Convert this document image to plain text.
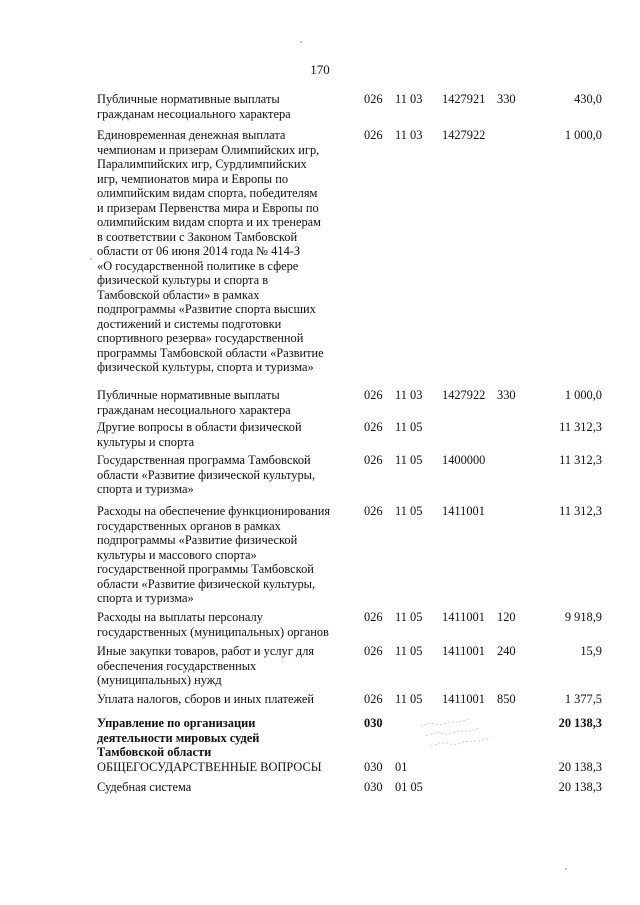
170
Публичные нормативные выплаты
гражданам несоциального характера
026 11 03 1427921 330	430,0
Единовременная денежная выплата
чемпионам и призерам Олимпийских игр,
Паралимпийских игр, Сурдлимпийских
игр, чемпионатов мира и Европы по
олимпийским видам спорта, победителям
и призерам Первенства мира и Европы по
олимпийским видам спорта и их тренерам
в соответствии с Законом Тамбовской
области от 06 июня 2014 года № 414-З
«О государственной политике в сфере
физической культуры и спорта в
Тамбовской области» в рамках
подпрограммы «Развитие спорта высших
достижений и системы подготовки
спортивного резерва» государственной
программы Тамбовской области «Развитие
физической культуры, спорта и туризма»
026 11 03 1427922	1 000,0
Публичные нормативные выплаты
гражданам несоциального характера
026 11 03 1427922 330	1 000,0
Другие вопросы в области физической
культуры и спорта
026 11 05	11 312,3
Государственная программа Тамбовской
области «Развитие физической культуры,
спорта и туризма»
026 11 05 1400000	11 312,3
Расходы на обеспечение функционирования
государственных органов в рамках
подпрограммы «Развитие физической
культуры и массового спорта»
государственной программы Тамбовской
области «Развитие физической культуры,
спорта и туризма»
026 11 05 1411001	11 312,3
Расходы на выплаты персоналу
государственных (муниципальных) органов
026 11 05 1411001 120	9 918,9
Иные закупки товаров, работ и услуг для
обеспечения государственных
(муниципальных) нужд
026 11 05 1411001 240	15,9
Уплата налогов, сборов и иных платежей	026 11 05 1411001 850	1 377,5
Управление по организации
деятельности мировых судей
Тамбовской области
030	20 138,3
ОБЩЕГОСУДАРСТВЕННЫЕ ВОПРОСЫ	030 01	20 138,3
Судебная система	030 01 05	20 138,3
